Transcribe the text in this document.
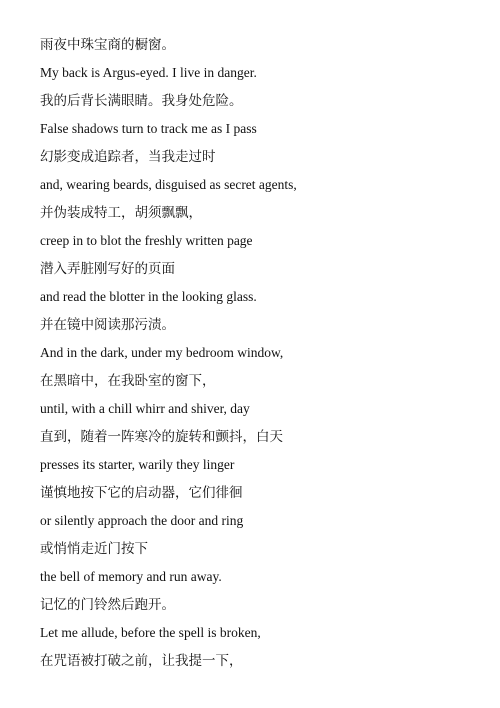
雨夜中珠宝商的橱窗。
My back is Argus-eyed. I live in danger.
我的后背长满眼睛。我身处危险。
False shadows turn to track me as I pass
幻影变成追踪者，当我走过时
and, wearing beards, disguised as secret agents,
并伪装成特工，胡须飘飘，
creep in to blot the freshly written page
潜入弄脏刚写好的页面
and read the blotter in the looking glass.
并在镜中阅读那污渍。
And in the dark, under my bedroom window,
在黑暗中，在我卧室的窗下，
until, with a chill whirr and shiver, day
直到，随着一阵寒冷的旋转和颤抖，白天
presses its starter, warily they linger
谨慎地按下它的启动器，它们徘徊
or silently approach the door and ring
或悄悄走近门按下
the bell of memory and run away.
记忆的门铃然后跑开。
Let me allude, before the spell is broken,
在咒语被打破之前，让我提一下，
